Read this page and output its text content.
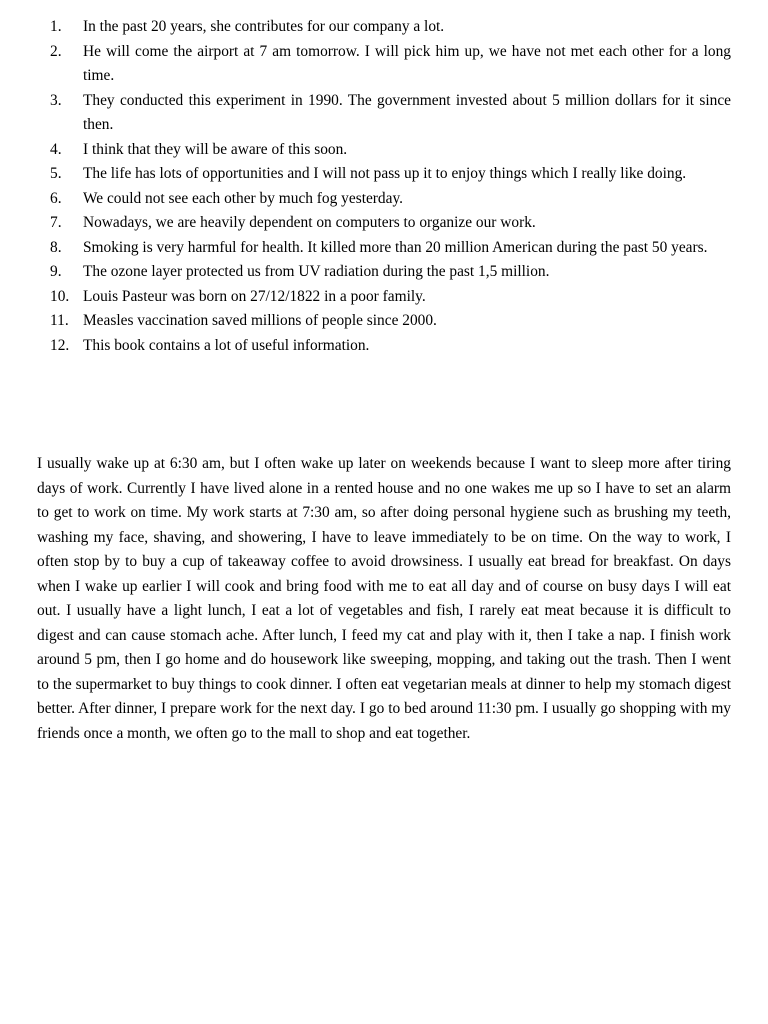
1.	In the past 20 years, she contributes for our company a lot.
2.	He will come the airport at 7 am tomorrow. I will pick him up, we have not met each other for a long time.
3.	They conducted this experiment in 1990. The government invested about 5 million dollars for it since then.
4.	I think that they will be aware of this soon.
5.	The life has lots of opportunities and I will not pass up it to enjoy things which I really like doing.
6.	We could not see each other by much fog yesterday.
7.	Nowadays, we are heavily dependent on computers to organize our work.
8.	Smoking is very harmful for health. It killed more than 20 million American during the past 50 years.
9.	The ozone layer protected us from UV radiation during the past 1,5 million.
10. Louis Pasteur was born on 27/12/1822 in a poor family.
11. Measles vaccination saved millions of people since 2000.
12. This book contains a lot of useful information.

I usually wake up at 6:30 am, but I often wake up later on weekends because I want to sleep more after tiring days of work. Currently I have lived alone in a rented house and no one wakes me up so I have to set an alarm to get to work on time. My work starts at 7:30 am, so after doing personal hygiene such as brushing my teeth, washing my face, shaving, and showering, I have to leave immediately to be on time. On the way to work, I often stop by to buy a cup of takeaway coffee to avoid drowsiness. I usually eat bread for breakfast. On days when I wake up earlier I will cook and bring food with me to eat all day and of course on busy days I will eat out. I usually have a light lunch, I eat a lot of vegetables and fish, I rarely eat meat because it is difficult to digest and can cause stomach ache. After lunch, I feed my cat and play with it, then I take a nap. I finish work around 5 pm, then I go home and do housework like sweeping, mopping, and taking out the trash. Then I went to the supermarket to buy things to cook dinner. I often eat vegetarian meals at dinner to help my stomach digest better. After dinner, I prepare work for the next day. I go to bed around 11:30 pm. I usually go shopping with my friends once a month, we often go to the mall to shop and eat together.
